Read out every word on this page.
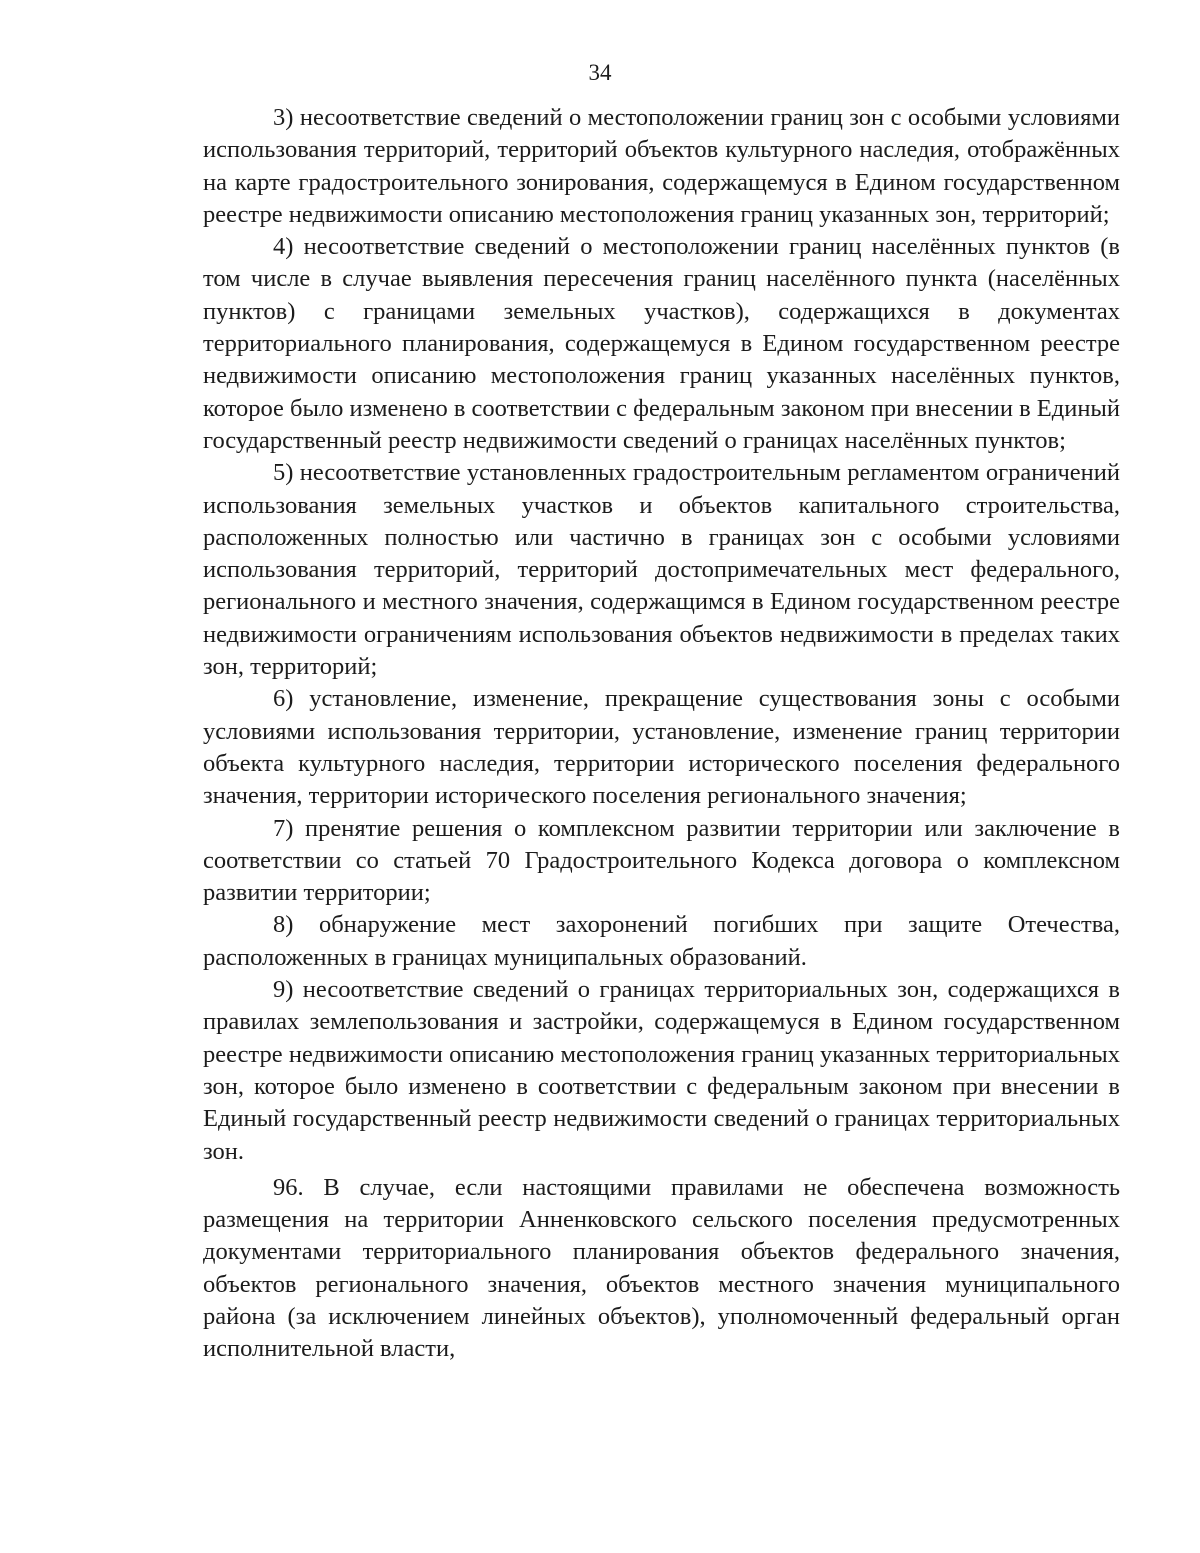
34

3) несоответствие сведений о местоположении границ зон с особыми условиями использования территорий, территорий объектов культурного наследия, отображённых на карте градостроительного зонирования, содержащемуся в Едином государственном реестре недвижимости описанию местоположения границ указанных зон, территорий;

4) несоответствие сведений о местоположении границ населённых пунктов (в том числе в случае выявления пересечения границ населённого пункта (населённых пунктов) с границами земельных участков), содержащихся в документах территориального планирования, содержащемуся в Едином государственном реестре недвижимости описанию местоположения границ указанных населённых пунктов, которое было изменено в соответствии с федеральным законом при внесении в Единый государственный реестр недвижимости сведений о границах населённых пунктов;

5) несоответствие установленных градостроительным регламентом ограничений использования земельных участков и объектов капитального строительства, расположенных полностью или частично в границах зон с особыми условиями использования территорий, территорий достопримечательных мест федерального, регионального и местного значения, содержащимся в Едином государственном реестре недвижимости ограничениям использования объектов недвижимости в пределах таких зон, территорий;

6) установление, изменение, прекращение существования зоны с особыми условиями использования территории, установление, изменение границ территории объекта культурного наследия, территории исторического поселения федерального значения, территории исторического поселения регионального значения;

7) пренятие решения о комплексном развитии территории или заключение в соответствии со статьей 70 Градостроительного Кодекса договора о комплексном развитии территории;

8) обнаружение мест захоронений погибших при защите Отечества, расположенных в границах муниципальных образований.

9) несоответствие сведений о границах территориальных зон, содержащихся в правилах землепользования и застройки, содержащемуся в Едином государственном реестре недвижимости описанию местоположения границ указанных территориальных зон, которое было изменено в соответствии с федеральным законом при внесении в Единый государственный реестр недвижимости сведений о границах территориальных зон.

96. В случае, если настоящими правилами не обеспечена возможность размещения на территории Анненковского сельского поселения предусмотренных документами территориального планирования объектов федерального значения, объектов регионального значения, объектов местного значения муниципального района (за исключением линейных объектов), уполномоченный федеральный орган исполнительной власти,
